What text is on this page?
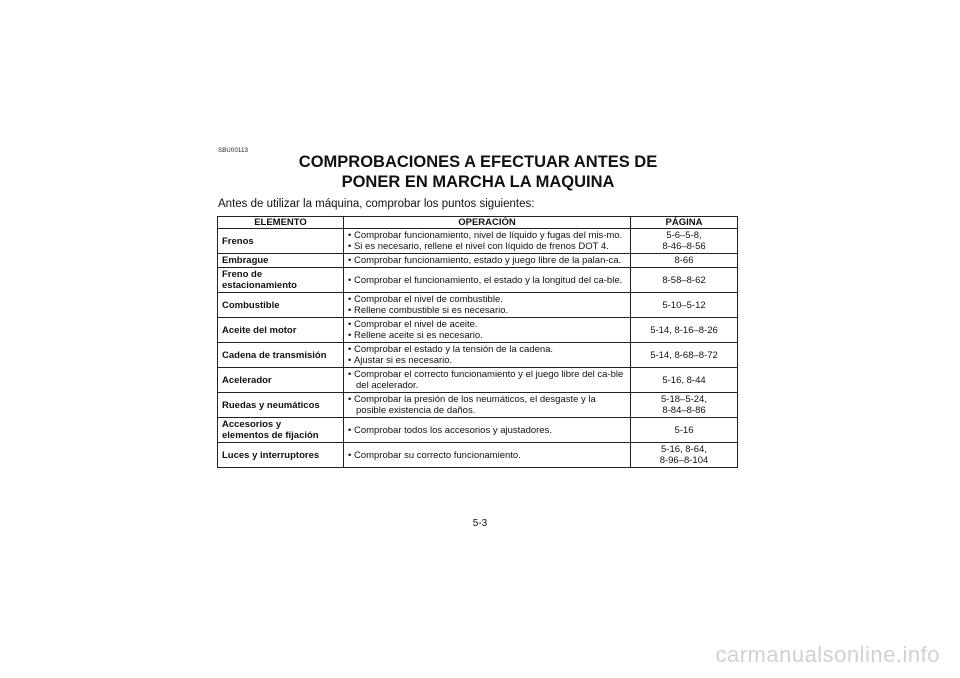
SBU00113
COMPROBACIONES A EFECTUAR ANTES DE
PONER EN MARCHA LA MAQUINA
Antes de utilizar la máquina, comprobar los puntos siguientes:
ELEMENTO	OPERACIÓN	PÁGINA

Frenos	• Comprobar funcionamiento, nivel de líquido y fugas del mis-mo.
• Si es necesario, rellene el nivel con líquido de frenos DOT 4.	5-6–5-8,
8-46–8-56

Embrague	• Comprobar funcionamiento, estado y juego libre de la palan-ca.	8-66

Freno de
estacionamiento	• Comprobar el funcionamiento, el estado y la longitud del ca-ble.	8-58–8-62

Combustible	• Comprobar el nivel de combustible.
• Rellene combustible si es necesario.	5-10–5-12

Aceite del motor	• Comprobar el nivel de aceite.
• Rellene aceite si es necesario.	5-14, 8-16–8-26

Cadena de transmisión	• Comprobar el estado y la tensión de la cadena.
• Ajustar si es necesario.	5-14, 8-68–8-72

Acelerador	• Comprobar el correcto funcionamiento y el juego libre del ca-ble del acelerador.	5-16, 8-44

Ruedas y neumáticos	• Comprobar la presión de los neumáticos, el desgaste y la posible existencia de daños.	5-18–5-24,
8-84–8-86

Accesorios y
elementos de fijación	• Comprobar todos los accesorios y ajustadores.	5-16

Luces y interruptores	• Comprobar su correcto funcionamiento.	5-16, 8-64,
8-96–8-104
5-3
carmanualsonline.info
